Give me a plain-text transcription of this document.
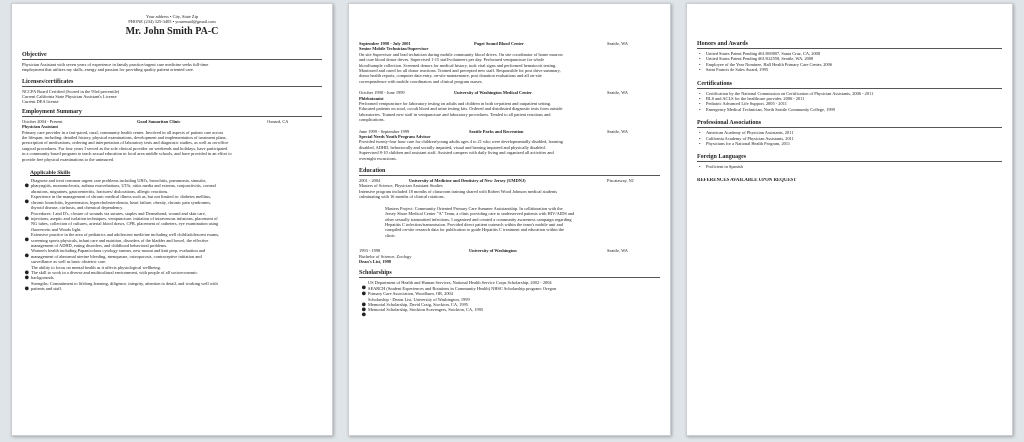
Your address • City, State Zip
PHONE (234) 325-3405 • youremail@gmail.com
Mr. John Smith PA-C
Objective
Physician Assistant with seven years of experience in family practice/urgent care medicine seeks full-time
employment that utilizes my skills, energy and passion for providing quality patient oriented care.
Licenses/certificates
NCCPA Board Certified (Scored in the 93rd percentile)
Current California State Physician Assistant's License
Current DEA license
Employment Summary
October 2004 - Present	Good Samaritan Clinic	Oxnard, CA
Physician Assistant
Primary care provider in a fast-paced, rural, community health center. Involved in all aspects of patient care across
the lifespan, including: detailed history, physical examinations, development and implementation of treatment plans,
prescription of medications, ordering and interpretation of laboratory tests and diagnostic studies, as well as on-office
surgical procedures. For four years I served as the sole clinical provider on weekends and holidays, have participated
in a community based program to teach sexual education in local area middle schools, and have provided in an effort to
provide free physical examinations to the uninsured.
Applicable Skills
• Diagnose and treat common urgent care problems including URI's, bronchitis, pneumonia, sinusitis,
pharyngitis, mononucleosis, asthma exacerbations, UTIs, otitis media and externa, conjunctivitis, corneal
abrasions, migraines, gastroenteritis, fractures/ dislocations, allergic reactions.
• Experience in the management of chronic medical illness such as, but not limited to: diabetes mellitus,
chronic bronchitis, hypertension, hypercholesterolemia, heart failure, obesity, chronic pain syndromes,
thyroid disease, cirrhosis, and chemical dependency.
• Procedures: I and D's, closure of wounds via sutures, staples and Dermabond, wound and skin care,
injections, aseptic and isolation techniques, venipuncture, initiation of intravenous infusions, placement of
NG tubes, collection of cultures, arterial blood draws, CPR, placement of catheters, eye examination using
fluorescein and Woods light.
• Extensive practice in the area of pediatrics and adolescent medicine including well child/adolescent exams,
screening sports physicals, infant care and nutrition, disorders of the bladder and bowel, the effective
management of ADHD, eating disorders, and childhood behavioral problems.
• Women's health including Papanicolaou cytology smears, new mount and knit prep, evaluation and
management of abnormal uterine bleeding, menopause, osteoporosis, contraceptive initiation and
surveillance as well as basic obstetric care.
• The ability to focus on mental health as it affects physiological wellbeing.
• The skill to work in a diverse and multicultural environment, with people of all socioeconomic
backgrounds.
• Strengths: Commitment to lifelong learning, diligence, integrity, attention to detail, and working well with
patients and staff.
September 1998 - July 2001	Puget Sound Blood Center	Seattle, WA
Senior Mobile Technician/Supervisor
On site Supervisor and lead technician during mobile community blood drives. On site coordinator of home marrow
and cure blood donor drives. Supervised 1-15 staff/volunteers per day. Performed venipuncture for whole
blood/sample collection. Screened donors for medical history, took vital signs and performed hematocrit testing.
Monitored and cared for all donor reactions. Trained and precepted new staff. Responsible for post drive summary,
donor health reports, computer data entry, on-site maintenance, post donation evaluations and all on-site
correspondence with mobile coordinators and clinical program nurses.
October 1998 - June 1999	University of Washington Medical Center	Seattle, WA
Phlebotomist
Performed venipuncture for laboratory testing on adults and children in both in-patient and outpatient setting.
Educated patients on stool, occult blood and urine testing kits. Ordered and distributed diagnostic tests from outside
laboratories. Trained new staff in venipuncture and laboratory procedures. Tended to all patient reactions and
complications.
June 1999 - September 1999	Seattle Parks and Recreation	Seattle, WA
Special Needs Youth Program Advisor
Provided twenty-four hour care for children/young adults ages 4 to 21 who were developmentally disabled, learning
disabled, ADHD, behaviorally and socially impaired, visual and hearing impaired and physically disabled.
Supervised 8-10 children and assistant staff. Assisted campers with daily living and organized all activities and
overnight excursions.
Education
2001 - 2004	University of Medicine and Dentistry of New Jersey (UMDNJ)	Piscataway, NJ
Masters of Science, Physician Assistant Studies
Intensive program included 18 months of classroom training shared with Robert Wood Johnson medical students
culminating with 16 months of clinical rotations.
Masters Project: Community Oriented Primary Care Summer Assistantship. In collaboration with the
Jersey Shore Medical Center "A" Team, a clinic providing care to underserved patients with HIV/AIDS and
other sexually transmitted infections, I organized and created a community awareness campaign regarding
Hepatitis C infection/transmission. Provided direct patient outreach within the team's mobile unit and
compiled on-site research data for publication to guide Hepatitis C treatment and education within the
clinic.
1993 - 1998	University of Washington	Seattle, WA
Bachelor of Science, Zoology
Dean's List, 1998
Scholarships
• US Department of Health and Human Services, National Health Service Corps Scholarship, 2002 - 2004
• SEARCH (Student Experiences and Rotations in Community Health) NHSC Scholarship program: Oregon
Primary Care Association, Woodburn, OR, 2004
• Scholarship - Deans List, University of Washington, 1999
• Memorial Scholarship, David Craig, Stockton, CA, 1995
• Memorial Scholarship, Stockton Scavengers, Stockton, CA, 1995
Honors and Awards
• United States Patent Pending #61/069807, Santa Cruz, CA, 2008
• United States Patent Pending #61/022558, Seattle, WA, 2008
• Employee of the Year Nominee, Hall Health Primary Care Center, 2006
• Saint Francis de Sales Award, 1995
Certifications
• Certification by the National Commission on Certification of Physician Assistants, 2006 - 2011
• BLS and ACLS for the healthcare provider, 2006 - 2011
• Pediatric Advanced Life Support, 2005 - 2011
• Emergency Medical Technician, North Seattle Community College, 1999
Professional Associations
• American Academy of Physician Assistants, 2011
• California Academy of Physician Assistants, 2011
• Physicians for a National Health Program, 2011
Foreign Languages
• Proficient in Spanish
REFERENCES AVAILABLE UPON REQUEST
